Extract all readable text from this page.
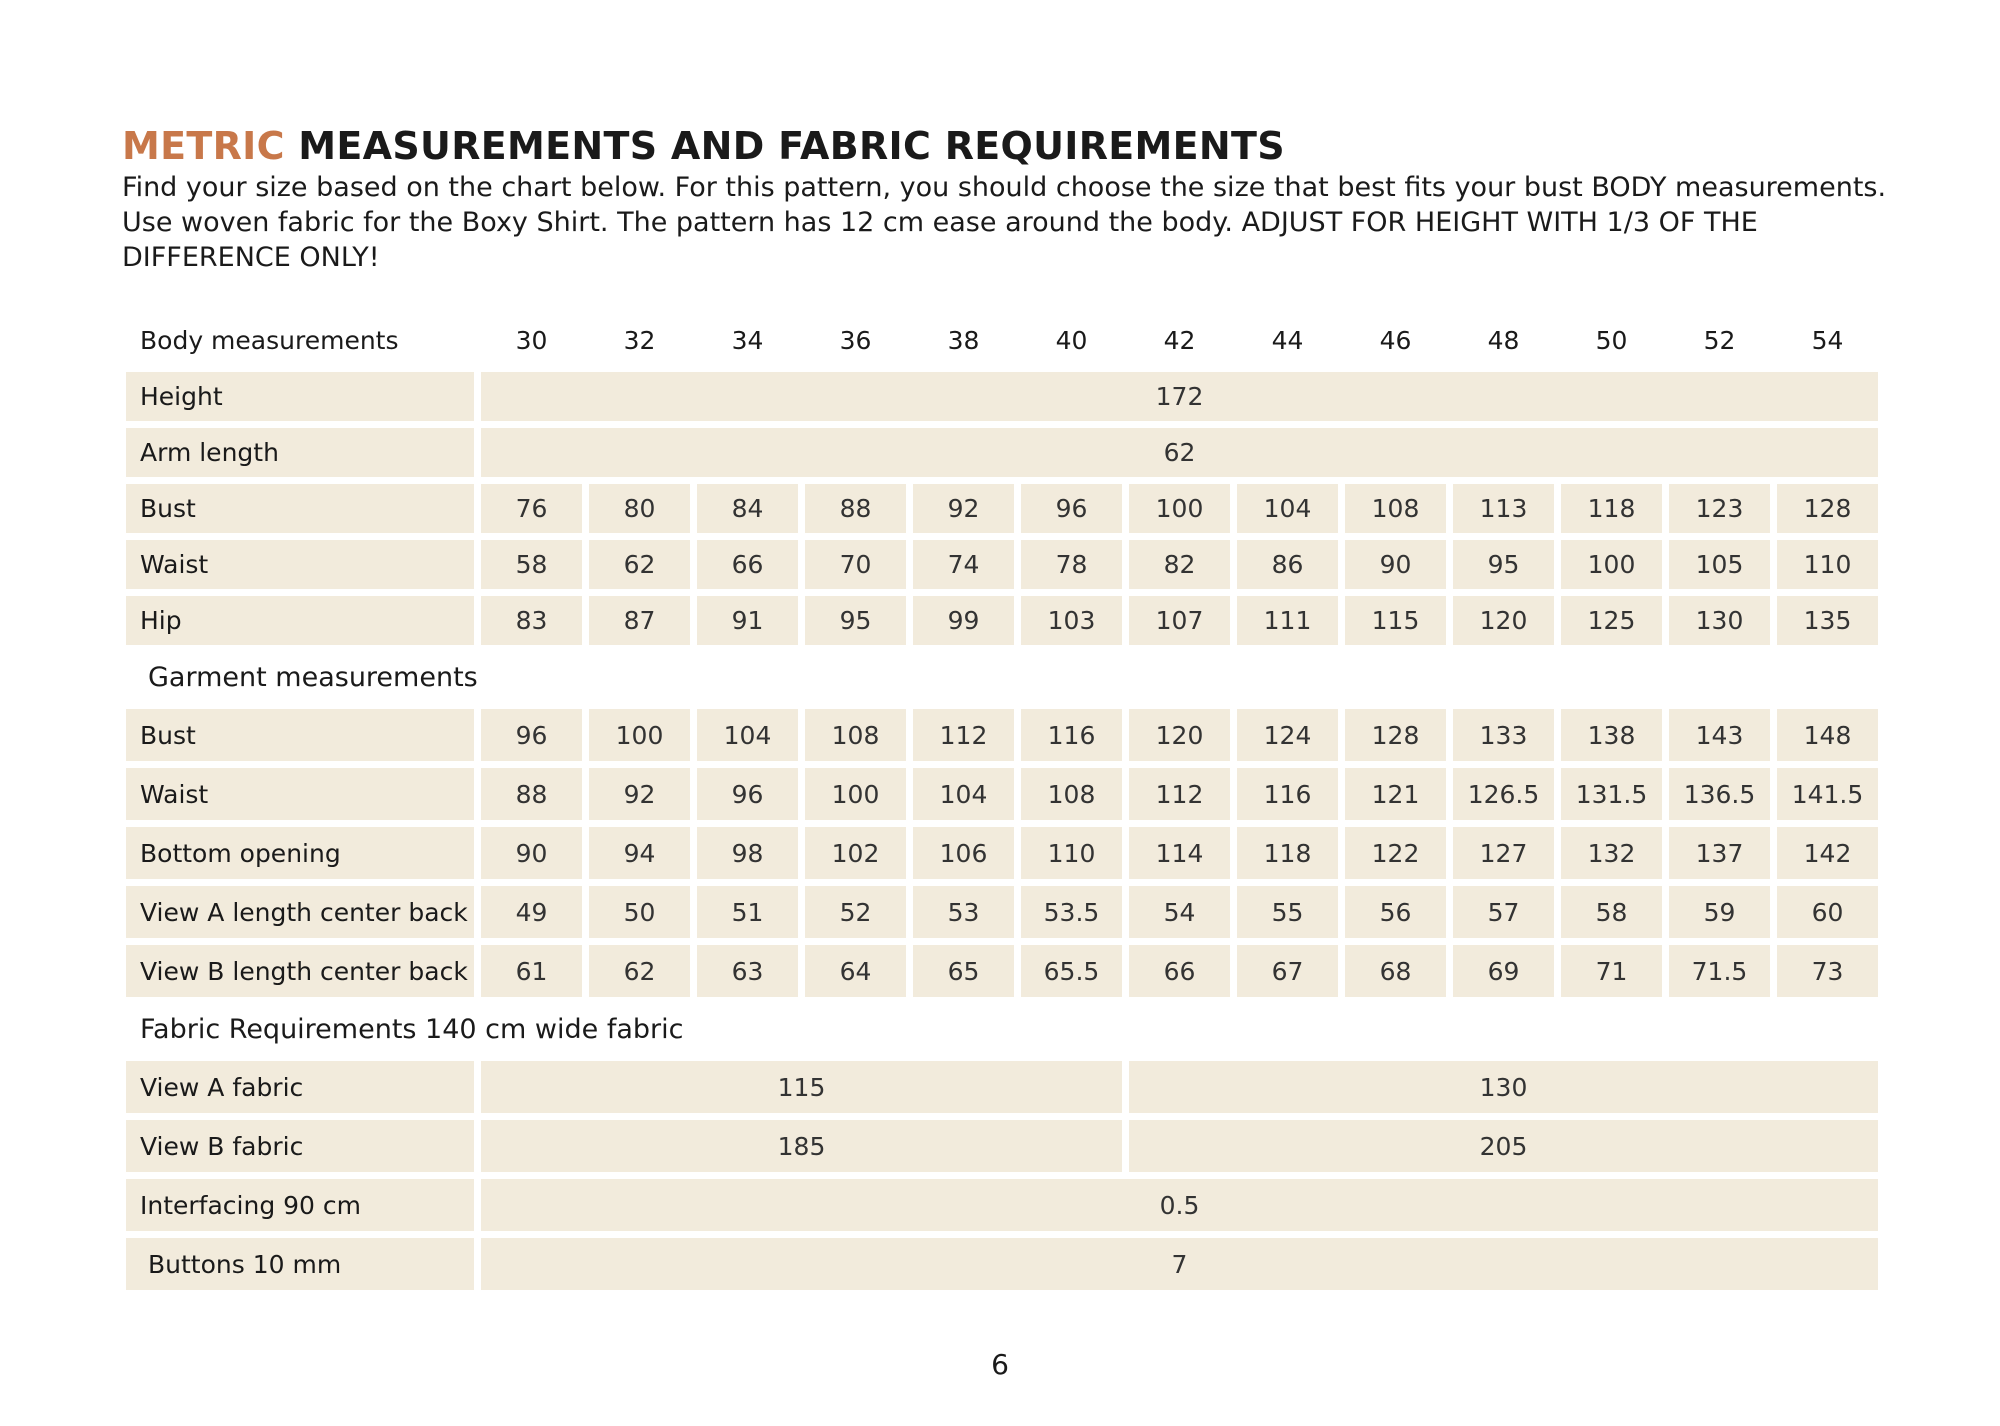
METRIC MEASUREMENTS AND FABRIC REQUIREMENTS
Find your size based on the chart below. For this pattern, you should choose the size that best fits your bust BODY measurements. Use woven fabric for the Boxy Shirt. The pattern has 12 cm ease around the body. ADJUST FOR HEIGHT WITH 1/3 OF THE DIFFERENCE ONLY!
Body measurements	30	32	34	36	38	40	42	44	46	48	50	52	54
Height	172												
Arm length	62												
Bust	76	80	84	88	92	96	100	104	108	113	118	123	128
Waist	58	62	66	70	74	78	82	86	90	95	100	105	110
Hip	83	87	91	95	99	103	107	111	115	120	125	130	135
Garment measurements													
Bust	96	100	104	108	112	116	120	124	128	133	138	143	148
Waist	88	92	96	100	104	108	112	116	121	126.5	131.5	136.5	141.5
Bottom opening	90	94	98	102	106	110	114	118	122	127	132	137	142
View A length center back	49	50	51	52	53	53.5	54	55	56	57	58	59	60
View B length center back	61	62	63	64	65	65.5	66	67	68	69	71	71.5	73
Fabric Requirements 140 cm wide fabric													
View A fabric	115						130						
View B fabric	185						205						
Interfacing 90 cm	0.5												
Buttons 10 mm	7												
6
